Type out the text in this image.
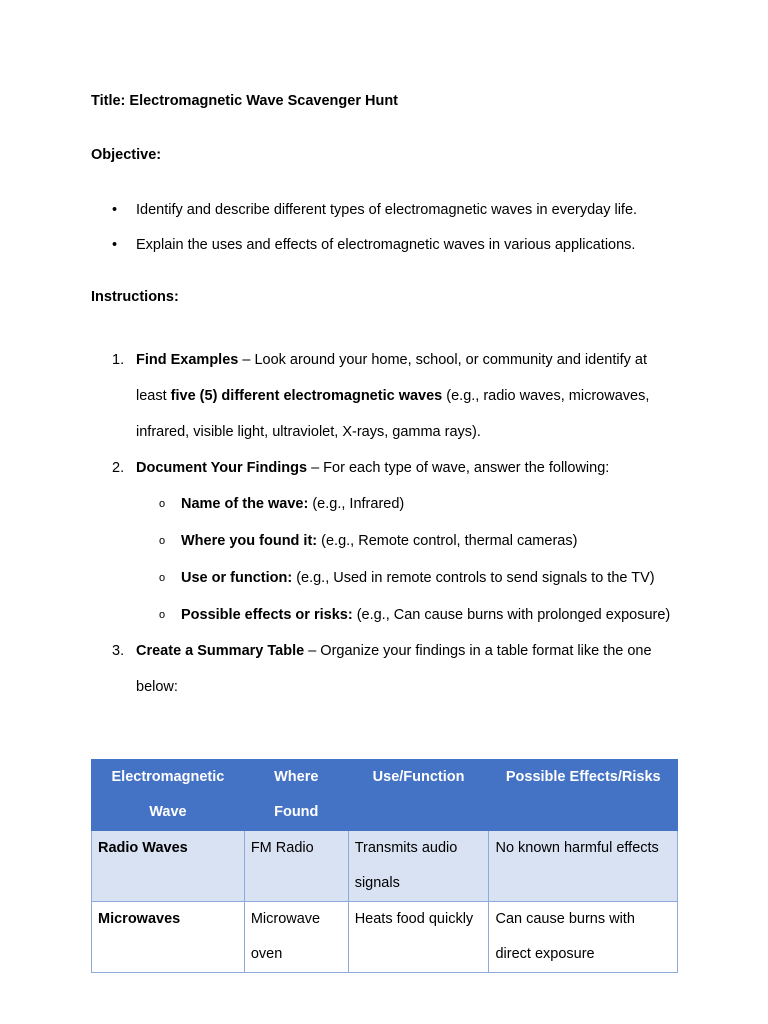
Title: Electromagnetic Wave Scavenger Hunt
Objective:
• Identify and describe different types of electromagnetic waves in everyday life.
• Explain the uses and effects of electromagnetic waves in various applications.
Instructions:
1. Find Examples – Look around your home, school, or community and identify at least five (5) different electromagnetic waves (e.g., radio waves, microwaves, infrared, visible light, ultraviolet, X-rays, gamma rays).
2. Document Your Findings – For each type of wave, answer the following:
o Name of the wave: (e.g., Infrared)
o Where you found it: (e.g., Remote control, thermal cameras)
o Use or function: (e.g., Used in remote controls to send signals to the TV)
o Possible effects or risks: (e.g., Can cause burns with prolonged exposure)
3. Create a Summary Table – Organize your findings in a table format like the one below:
Electromagnetic Wave	Where Found	Use/Function	Possible Effects/Risks
Radio Waves	FM Radio	Transmits audio signals	No known harmful effects
Microwaves	Microwave oven	Heats food quickly	Can cause burns with direct exposure
